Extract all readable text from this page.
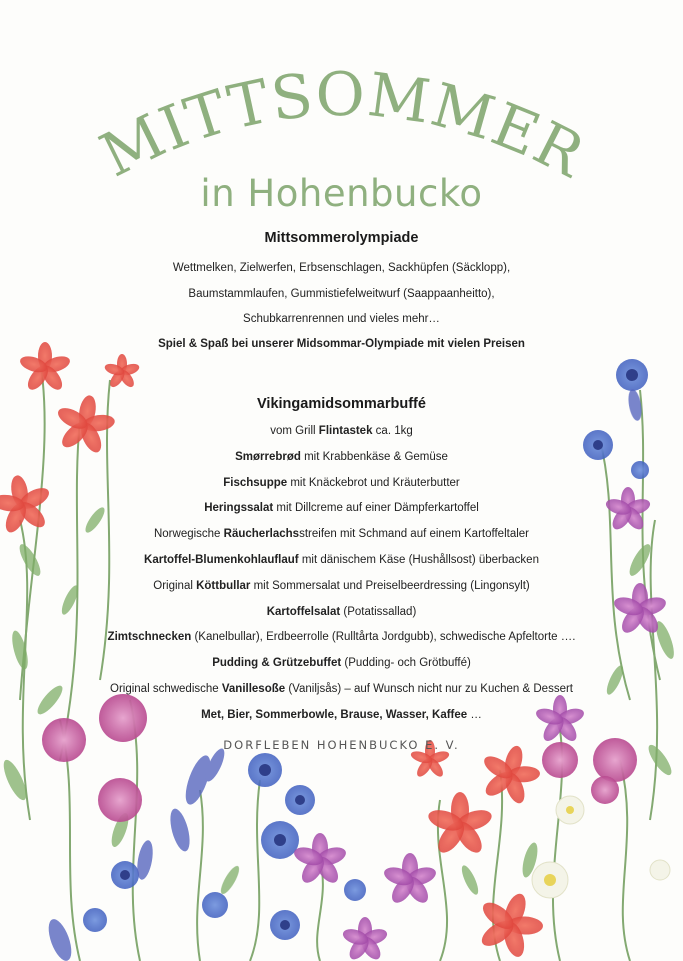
MITTSOMMER
in Hohenbucko
Mittsommerolympiade
Wettmelken, Zielwerfen, Erbsenschlagen, Sackhüpfen (Säcklopp),
Baumstammlaufen, Gummistiefelweitwurf (Saappaanheitto),
Schubkarrenrennen und vieles mehr…
Spiel & Spaß bei unserer Midsommar-Olympiade mit vielen Preisen
Vikingamidsommarbuffé
vom Grill Flintastek ca. 1kg
Smørrebrød mit Krabbenkäse & Gemüse
Fischsuppe mit Knäckebrot und Kräuterbutter
Heringssalat mit Dillcreme auf einer Dämpferkartoffel
Norwegische Räucherlachsstreifen mit Schmand auf einem Kartoffeltaler
Kartoffel-Blumenkohlauflauf mit dänischem Käse (Hushållsost) überbacken
Original Köttbullar mit Sommersalat und Preiselbeerdressing (Lingonsylt)
Kartoffelsalat (Potatissallad)
Zimtschnecken (Kanelbullar), Erdbeerrolle (Rulltårta Jordgubb), schwedische Apfeltorte ….
Pudding & Grützebuffet (Pudding- och Grötbuffé)
Original schwedische Vanillesoße (Vaniljsås) – auf Wunsch nicht nur zu Kuchen & Dessert
Met, Bier, Sommerbowle, Brause, Wasser, Kaffee …
DORFLEBEN HOHENBUCKO E. V.
